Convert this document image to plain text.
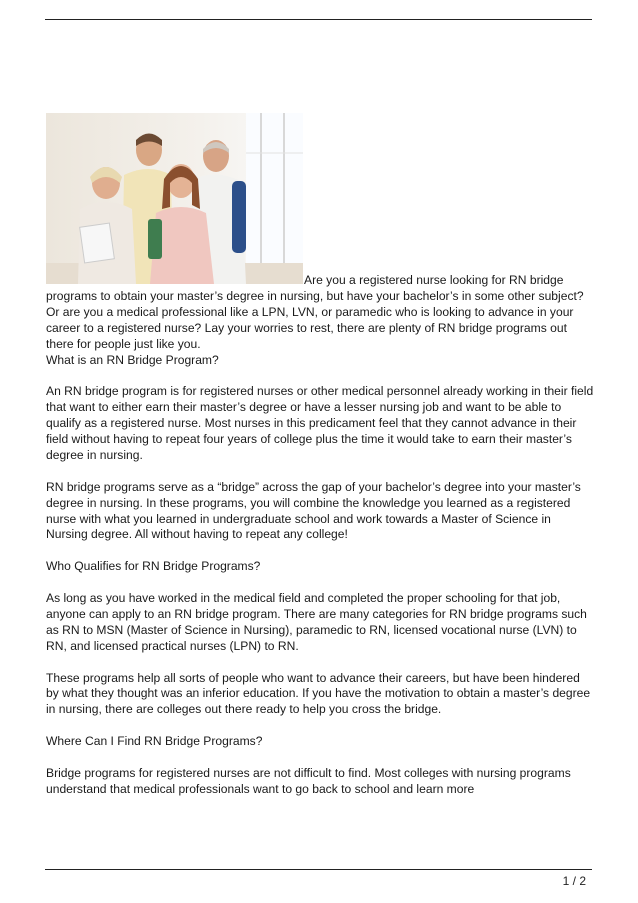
Are you a registered nurse looking for RN bridge programs to obtain your master’s degree in nursing, but have your bachelor’s in some other subject? Or are you a medical professional like a LPN, LVN, or paramedic who is looking to advance in your career to a registered nurse? Lay your worries to rest, there are plenty of RN bridge programs out there for people just like you.

What is an RN Bridge Program?

An RN bridge program is for registered nurses or other medical personnel already working in their field that want to either earn their master’s degree or have a lesser nursing job and want to be able to qualify as a registered nurse. Most nurses in this predicament feel that they cannot advance in their field without having to repeat four years of college plus the time it would take to earn their master’s degree in nursing.

RN bridge programs serve as a “bridge” across the gap of your bachelor’s degree into your master’s degree in nursing. In these programs, you will combine the knowledge you learned as a registered nurse with what you learned in undergraduate school and work towards a Master of Science in Nursing degree. All without having to repeat any college!

Who Qualifies for RN Bridge Programs?

As long as you have worked in the medical field and completed the proper schooling for that job, anyone can apply to an RN bridge program. There are many categories for RN bridge programs such as RN to MSN (Master of Science in Nursing), paramedic to RN, licensed vocational nurse (LVN) to RN, and licensed practical nurses (LPN) to RN.

These programs help all sorts of people who want to advance their careers, but have been hindered by what they thought was an inferior education. If you have the motivation to obtain a master’s degree in nursing, there are colleges out there ready to help you cross the bridge.

Where Can I Find RN Bridge Programs?

Bridge programs for registered nurses are not difficult to find. Most colleges with nursing programs understand that medical professionals want to go back to school and learn more

1 / 2
